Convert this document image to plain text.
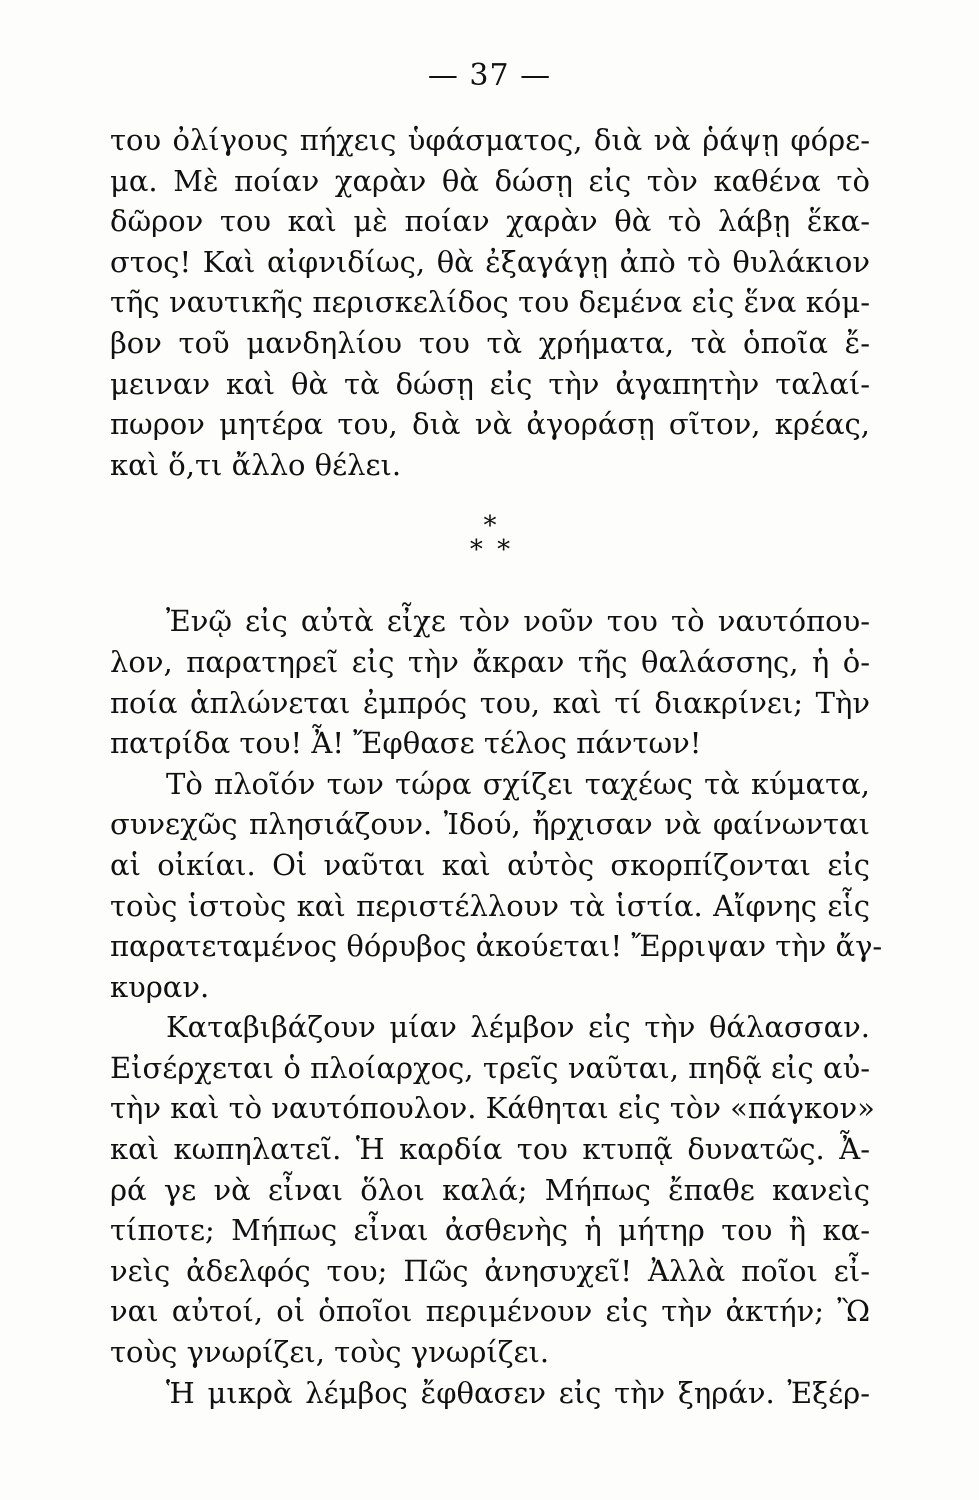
— 37 —
του ὀλίγους πήχεις ὑφάσματος, διὰ νὰ ῥάψῃ φόρε-
μα. Μὲ ποίαν χαρὰν θὰ δώσῃ εἰς τὸν καθένα τὸ
δῶρον του καὶ μὲ ποίαν χαρὰν θὰ τὸ λάβῃ ἕκα-
στος! Καὶ αἰφνιδίως, θὰ ἐξαγάγῃ ἀπὸ τὸ θυλάκιον
τῆς ναυτικῆς περισκελίδος του δεμένα εἰς ἕνα κόμ-
βον τοῦ μανδηλίου του τὰ χρήματα, τὰ ὁποῖα ἔ-
μειναν καὶ θὰ τὰ δώσῃ εἰς τὴν ἀγαπητὴν ταλαί-
πωρον μητέρα του, διὰ νὰ ἀγοράσῃ σῖτον, κρέας,
καὶ ὅ,τι ἄλλο θέλει.
*
* *
Ἐνῷ εἰς αὐτὰ εἶχε τὸν νοῦν του τὸ ναυτόπου-
λον, παρατηρεῖ εἰς τὴν ἄκραν τῆς θαλάσσης, ἡ ὁ-
ποία ἁπλώνεται ἐμπρός του, καὶ τί διακρίνει; Τὴν
πατρίδα του! Ἆ! Ἔφθασε τέλος πάντων!
Τὸ πλοῖόν των τώρα σχίζει ταχέως τὰ κύματα,
συνεχῶς πλησιάζουν. Ἰδού, ἤρχισαν νὰ φαίνωνται
αἱ οἰκίαι. Οἱ ναῦται καὶ αὐτὸς σκορπίζονται εἰς
τοὺς ἱστοὺς καὶ περιστέλλουν τὰ ἱστία. Αἴφνης εἷς
παρατεταμένος θόρυβος ἀκούεται! Ἔρριψαν τὴν ἄγ-
κυραν.
Καταβιβάζουν μίαν λέμβον εἰς τὴν θάλασσαν.
Εἰσέρχεται ὁ πλοίαρχος, τρεῖς ναῦται, πηδᾷ εἰς αὐ-
τὴν καὶ τὸ ναυτόπουλον. Κάθηται εἰς τὸν «πάγκον»
καὶ κωπηλατεῖ. Ἡ καρδία του κτυπᾷ δυνατῶς. Ἆ-
ρά γε νὰ εἶναι ὅλοι καλά; Μήπως ἔπαθε κανεὶς
τίποτε; Μήπως εἶναι ἀσθενὴς ἡ μήτηρ του ἢ κα-
νεὶς ἀδελφός του; Πῶς ἀνησυχεῖ! Ἀλλὰ ποῖοι εἶ-
ναι αὐτοί, οἱ ὁποῖοι περιμένουν εἰς τὴν ἀκτήν; Ὢ
τοὺς γνωρίζει, τοὺς γνωρίζει.
Ἡ μικρὰ λέμβος ἔφθασεν εἰς τὴν ξηράν. Ἐξέρ-
